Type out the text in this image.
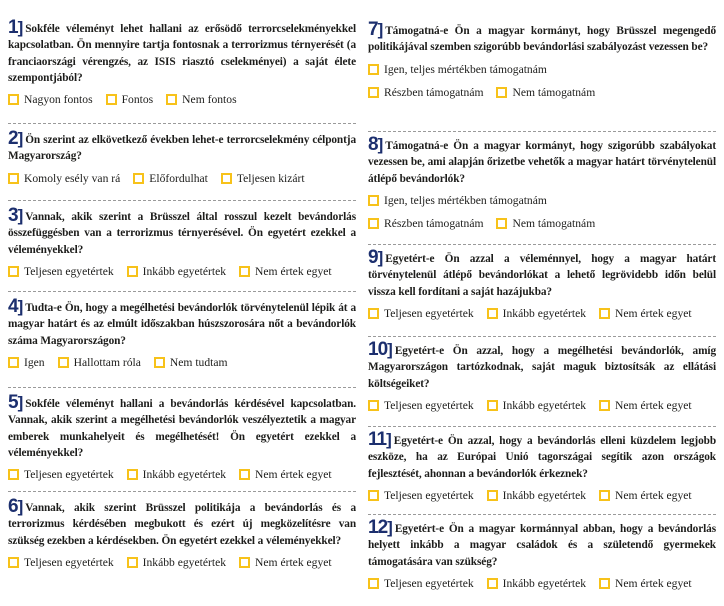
1] Sokféle véleményt lehet hallani az erősödő terrorcselekményekkel kapcsolatban. Ön mennyire tartja fontosnak a terrorizmus térnyerését (a franciaországi vérengzés, az ISIS riasztó cselekményei) a saját élete szempontjából?

Nagyon fontos	Fontos	Nem fontos

2] Ön szerint az elkövetkező években lehet-e terrorcselekmény célpontja Magyarország?

Komoly esély van rá	Előfordulhat	Teljesen kizárt

3] Vannak, akik szerint a Brüsszel által rosszul kezelt bevándorlás összefüggésben van a terrorizmus térnyerésével. Ön egyetért ezekkel a véleményekkel?

Teljesen egyetértek	Inkább egyetértek	Nem értek egyet

4] Tudta-e Ön, hogy a megélhetési bevándorlók törvénytelenül lépik át a magyar határt és az elmúlt időszakban húszszorosára nőt a bevándorlók száma Magyarországon?

Igen	Hallottam róla	Nem tudtam

5] Sokféle véleményt hallani a bevándorlás kérdésével kapcsolatban. Vannak, akik szerint a megélhetési bevándorlók veszélyeztetik a magyar emberek munkahelyeit és megélhetését! Ön egyetért ezekkel a véleményekkel?

Teljesen egyetértek	Inkább egyetértek	Nem értek egyet

6] Vannak, akik szerint Brüsszel politikája a bevándorlás és a terrorizmus kérdésében megbukott és ezért új megközelítésre van szükség ezekben a kérdésekben. Ön egyetért ezekkel a véleményekkel?

Teljesen egyetértek	Inkább egyetértek	Nem értek egyet

7] Támogatná-e Ön a magyar kormányt, hogy Brüsszel megengedő politikájával szemben szigorúbb bevándorlási szabályozást vezessen be?

Igen, teljes mértékben támogatnám
Részben támogatnám	Nem támogatnám

8] Támogatná-e Ön a magyar kormányt, hogy szigorúbb szabályokat vezessen be, ami alapján őrizetbe vehetők a magyar határt törvénytelenül átlépő bevándorlók?

Igen, teljes mértékben támogatnám
Részben támogatnám	Nem támogatnám

9] Egyetért-e Ön azzal a véleménnyel, hogy a magyar határt törvénytelenül átlépő bevándorlókat a lehető legrövidebb időn belül vissza kell fordítani a saját hazájukba?

Teljesen egyetértek	Inkább egyetértek	Nem értek egyet

10] Egyetért-e Ön azzal, hogy a megélhetési bevándorlók, amíg Magyarországon tartózkodnak, saját maguk biztosítsák az ellátási költségeiket?

Teljesen egyetértek	Inkább egyetértek	Nem értek egyet

11] Egyetért-e Ön azzal, hogy a bevándorlás elleni küzdelem legjobb eszköze, ha az Európai Unió tagországai segítik azon országok fejlesztését, ahonnan a bevándorlók érkeznek?

Teljesen egyetértek	Inkább egyetértek	Nem értek egyet

12] Egyetért-e Ön a magyar kormánnyal abban, hogy a bevándorlás helyett inkább a magyar családok és a születendő gyermekek támogatására van szükség?

Teljesen egyetértek	Inkább egyetértek	Nem értek egyet
